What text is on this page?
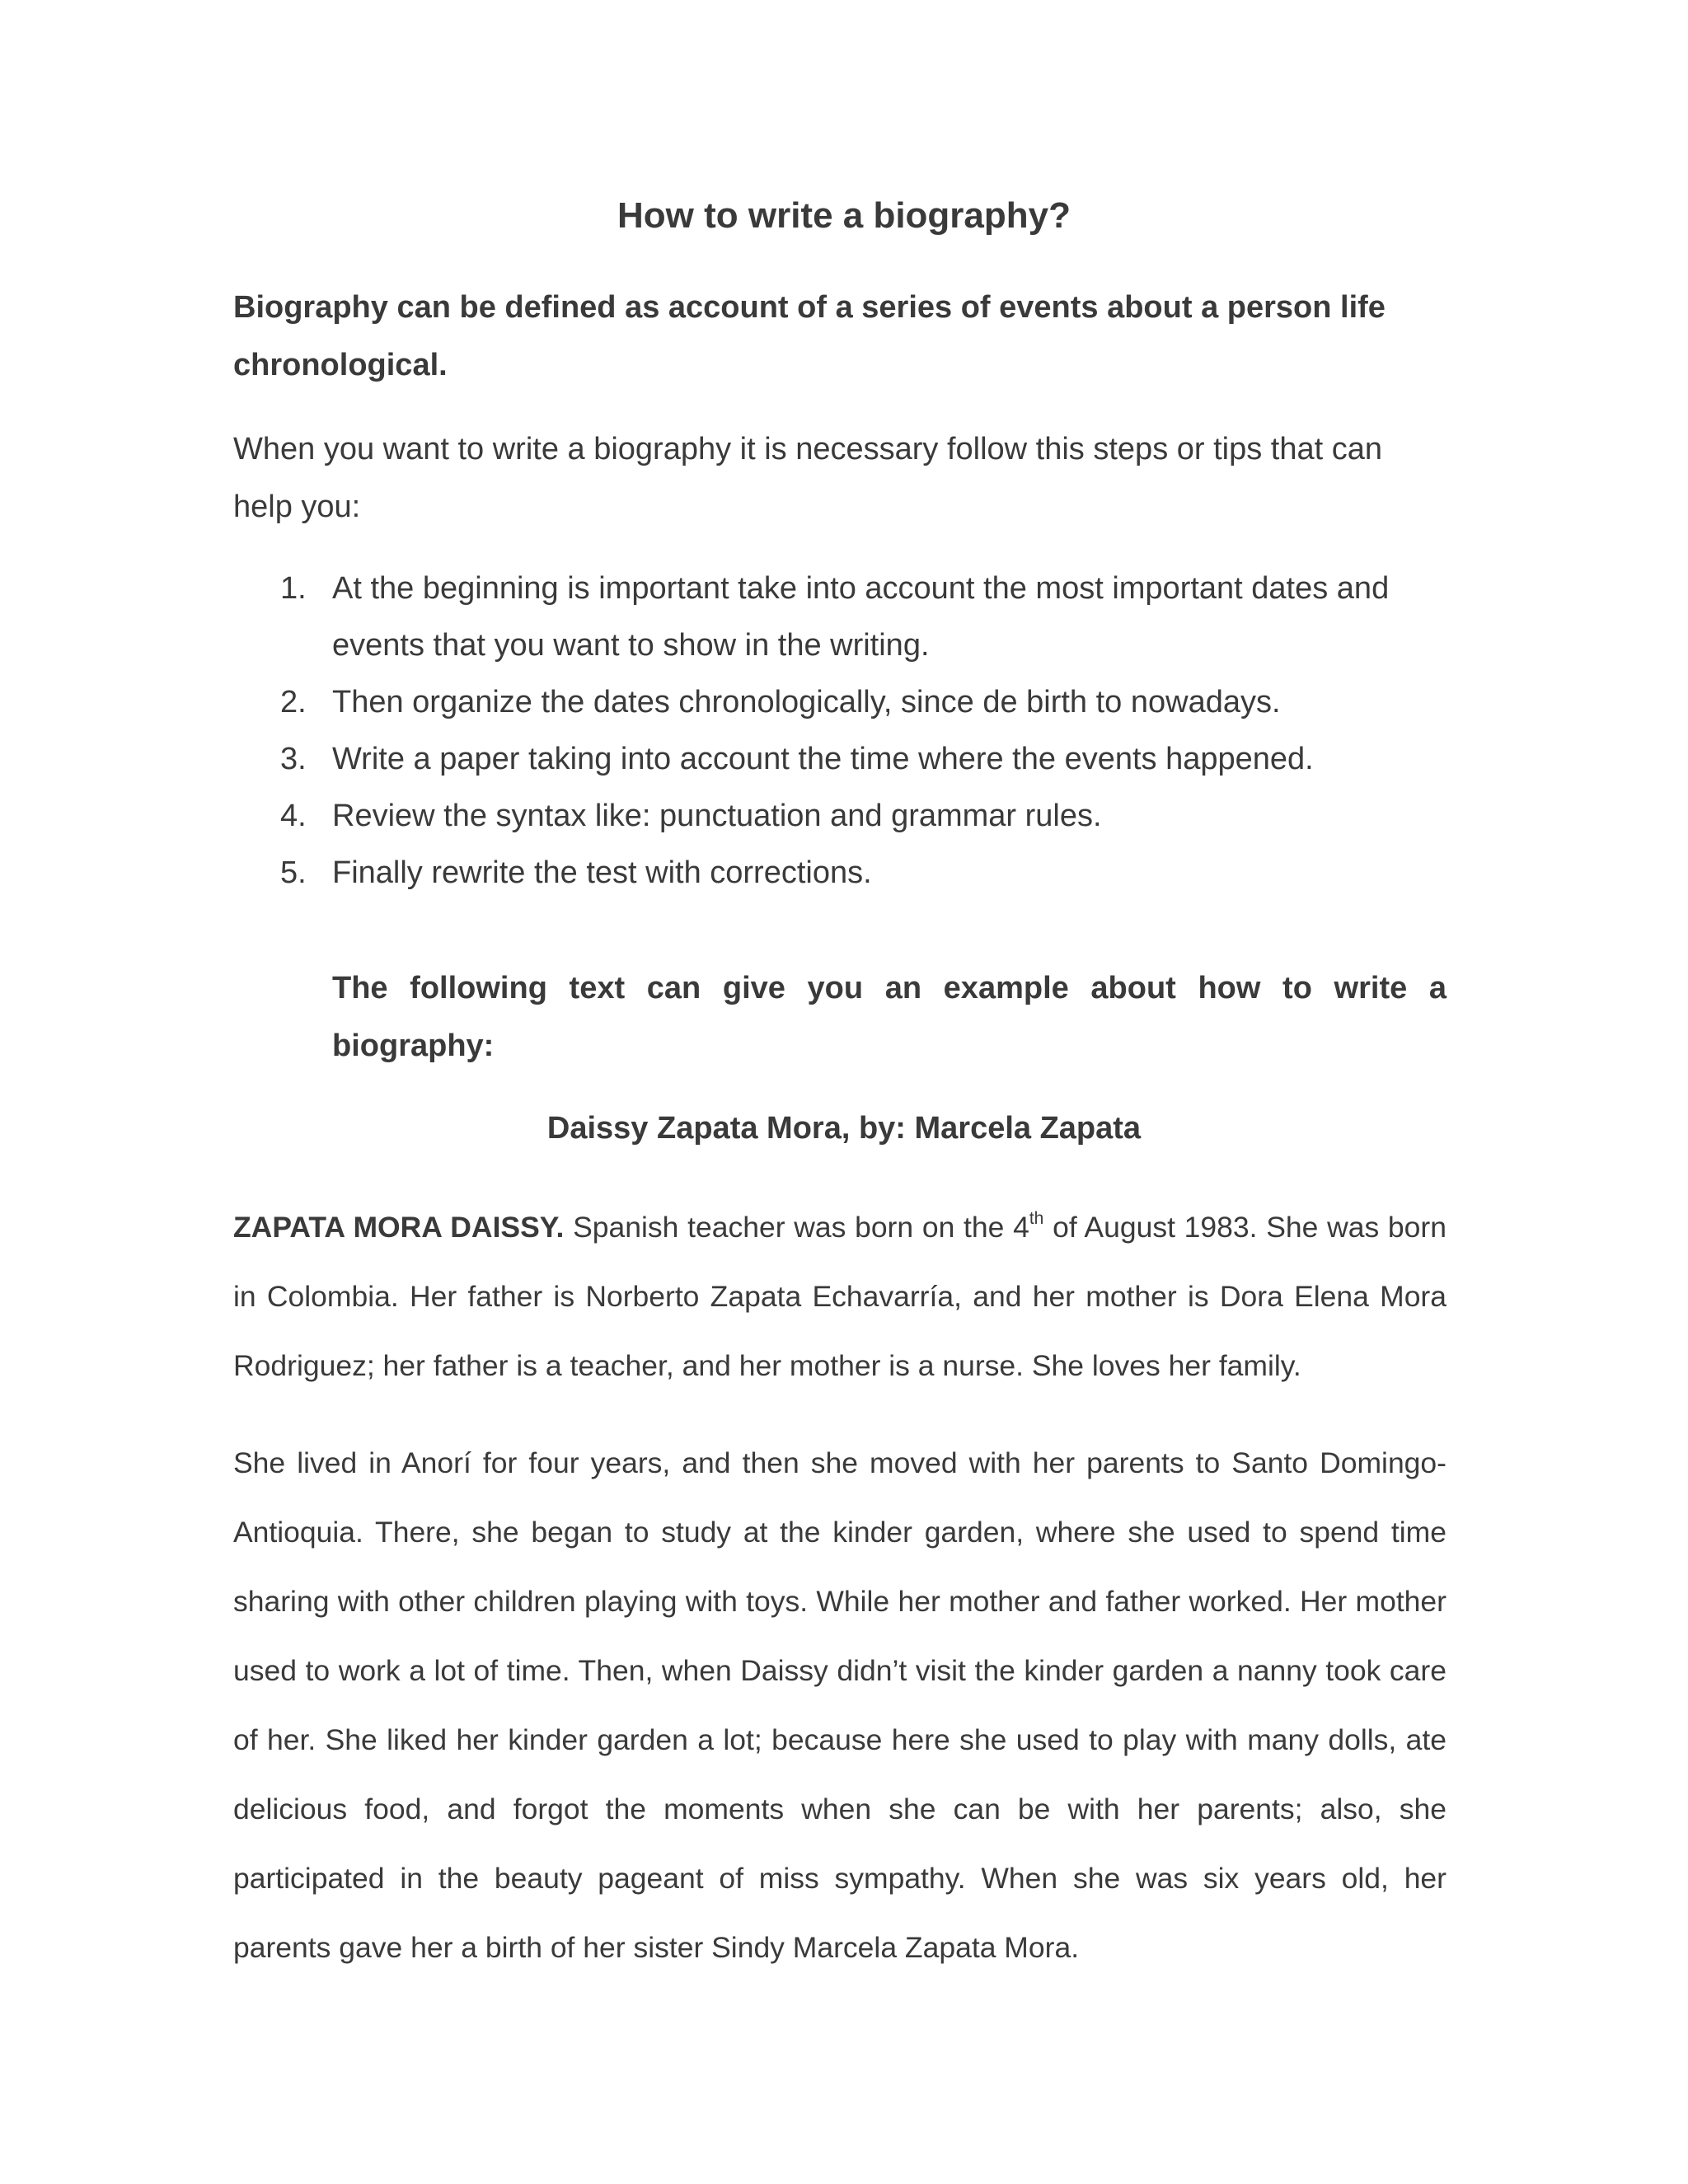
How to write a biography?

Biography can be defined as account of a series of events about a person life chronological.

When you want to write a biography it is necessary follow this steps or tips that can help you:

1. At the beginning is important take into account the most important dates and events that you want to show in the writing.
2. Then organize the dates chronologically, since de birth to nowadays.
3. Write a paper taking into account the time where the events happened.
4. Review the syntax like: punctuation and grammar rules.
5. Finally rewrite the test with corrections.

The following text can give you an example about how to write a biography:

Daissy Zapata Mora, by: Marcela Zapata

ZAPATA MORA DAISSY. Spanish teacher was born on the 4th of August 1983. She was born in Colombia. Her father is Norberto Zapata Echavarría, and her mother is Dora Elena Mora Rodriguez; her father is a teacher, and her mother is a nurse. She loves her family.

She lived in Anorí for four years, and then she moved with her parents to Santo Domingo-Antioquia. There, she began to study at the kinder garden, where she used to spend time sharing with other children playing with toys. While her mother and father worked. Her mother used to work a lot of time. Then, when Daissy didn’t visit the kinder garden a nanny took care of her. She liked her kinder garden a lot; because here she used to play with many dolls, ate delicious food, and forgot the moments when she can be with her parents; also, she participated in the beauty pageant of miss sympathy. When she was six years old, her parents gave her a birth of her sister Sindy Marcela Zapata Mora.
